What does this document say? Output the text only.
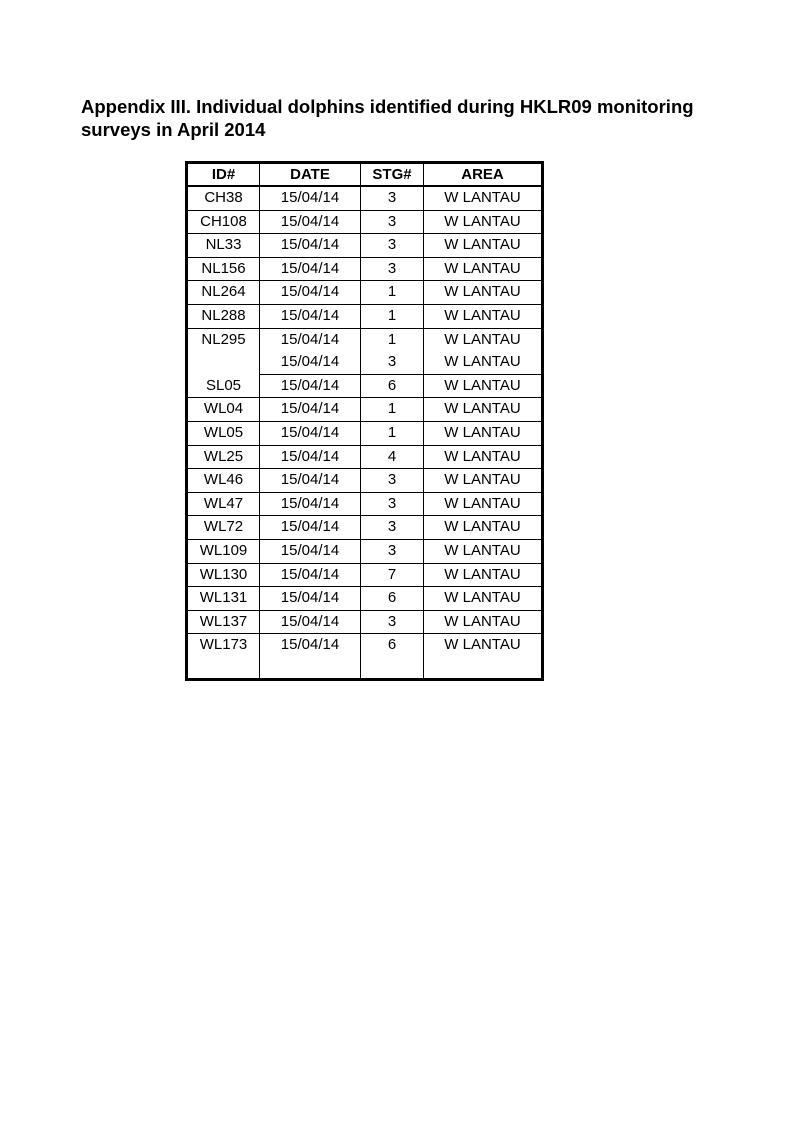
Appendix III. Individual dolphins identified during HKLR09 monitoring surveys in April 2014

ID#	DATE	STG#	AREA
CH38	15/04/14	3	W LANTAU
CH108	15/04/14	3	W LANTAU
NL33	15/04/14	3	W LANTAU
NL156	15/04/14	3	W LANTAU
NL264	15/04/14	1	W LANTAU
NL288	15/04/14	1	W LANTAU
NL295	15/04/14	1	W LANTAU
	15/04/14	3	W LANTAU
SL05	15/04/14	6	W LANTAU
WL04	15/04/14	1	W LANTAU
WL05	15/04/14	1	W LANTAU
WL25	15/04/14	4	W LANTAU
WL46	15/04/14	3	W LANTAU
WL47	15/04/14	3	W LANTAU
WL72	15/04/14	3	W LANTAU
WL109	15/04/14	3	W LANTAU
WL130	15/04/14	7	W LANTAU
WL131	15/04/14	6	W LANTAU
WL137	15/04/14	3	W LANTAU
WL173	15/04/14	6	W LANTAU
